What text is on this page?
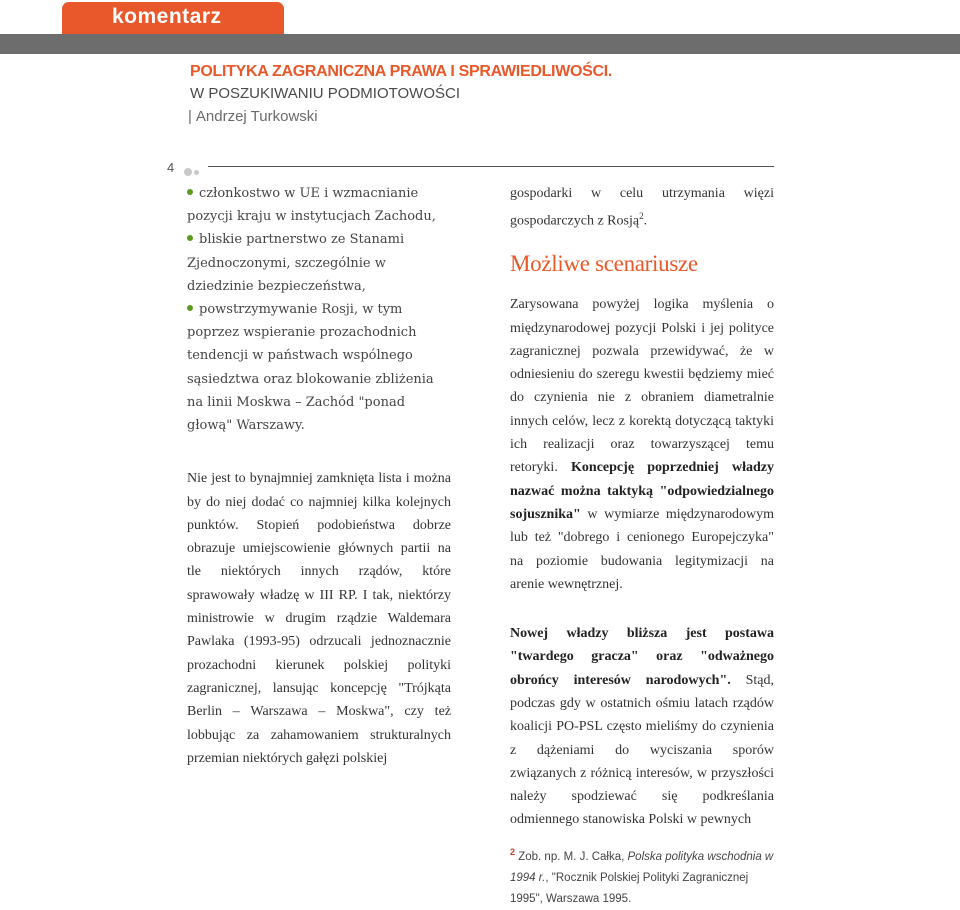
komentarz
POLITYKA ZAGRANICZNA PRAWA I SPRAWIEDLIWOŚCI.
W POSZUKIWANIU PODMIOTOWOŚCI
| Andrzej Turkowski
4

członkostwo w UE i wzmacnianie pozycji kraju w instytucjach Zachodu,

bliskie partnerstwo ze Stanami Zjednoczonymi, szczególnie w dziedzinie bezpieczeństwa,

powstrzymywanie Rosji, w tym poprzez wspieranie prozachodnich tendencji w państwach wspólnego sąsiedztwa oraz blokowanie zbliżenia na linii Moskwa – Zachód "ponad głową" Warszawy.

Nie jest to bynajmniej zamknięta lista i można by do niej dodać co najmniej kilka kolejnych punktów. Stopień podobieństwa dobrze obrazuje umiejscowienie głównych partii na tle niektórych innych rządów, które sprawowały władzę w III RP. I tak, niektórzy ministrowie w drugim rządzie Waldemara Pawlaka (1993-95) odrzucali jednoznacznie prozachodni kierunek polskiej polityki zagranicznej, lansując koncepcję "Trójkąta Berlin – Warszawa – Moskwa", czy też lobbując za zahamowaniem strukturalnych przemian niektórych gałęzi polskiej

gospodarki w celu utrzymania więzi gospodarczych z Rosją$^2$.

Możliwe scenariusze

Zarysowana powyżej logika myślenia o międzynarodowej pozycji Polski i jej polityce zagranicznej pozwala przewidywać, że w odniesieniu do szeregu kwestii będziemy mieć do czynienia nie z obraniem diametralnie innych celów, lecz z korektą dotyczącą taktyki ich realizacji oraz towarzyszącej temu retoryki. Koncepcję poprzedniej władzy nazwać można taktyką "odpowiedzialnego sojusznika" w wymiarze międzynarodowym lub też "dobrego i cenionego Europejczyka" na poziomie budowania legitymizacji na arenie wewnętrznej.

Nowej władzy bliższa jest postawa "twardego gracza" oraz "odważnego obrońcy interesów narodowych". Stąd, podczas gdy w ostatnich ośmiu latach rządów koalicji PO-PSL często mieliśmy do czynienia z dążeniami do wyciszania sporów związanych z różnicą interesów, w przyszłości należy spodziewać się podkreślania odmiennego stanowiska Polski w pewnych

$^2$ Zob. np. M. J. Całka, Polska polityka wschodnia w 1994 r., "Rocznik Polskiej Polityki Zagranicznej 1995", Warszawa 1995.
